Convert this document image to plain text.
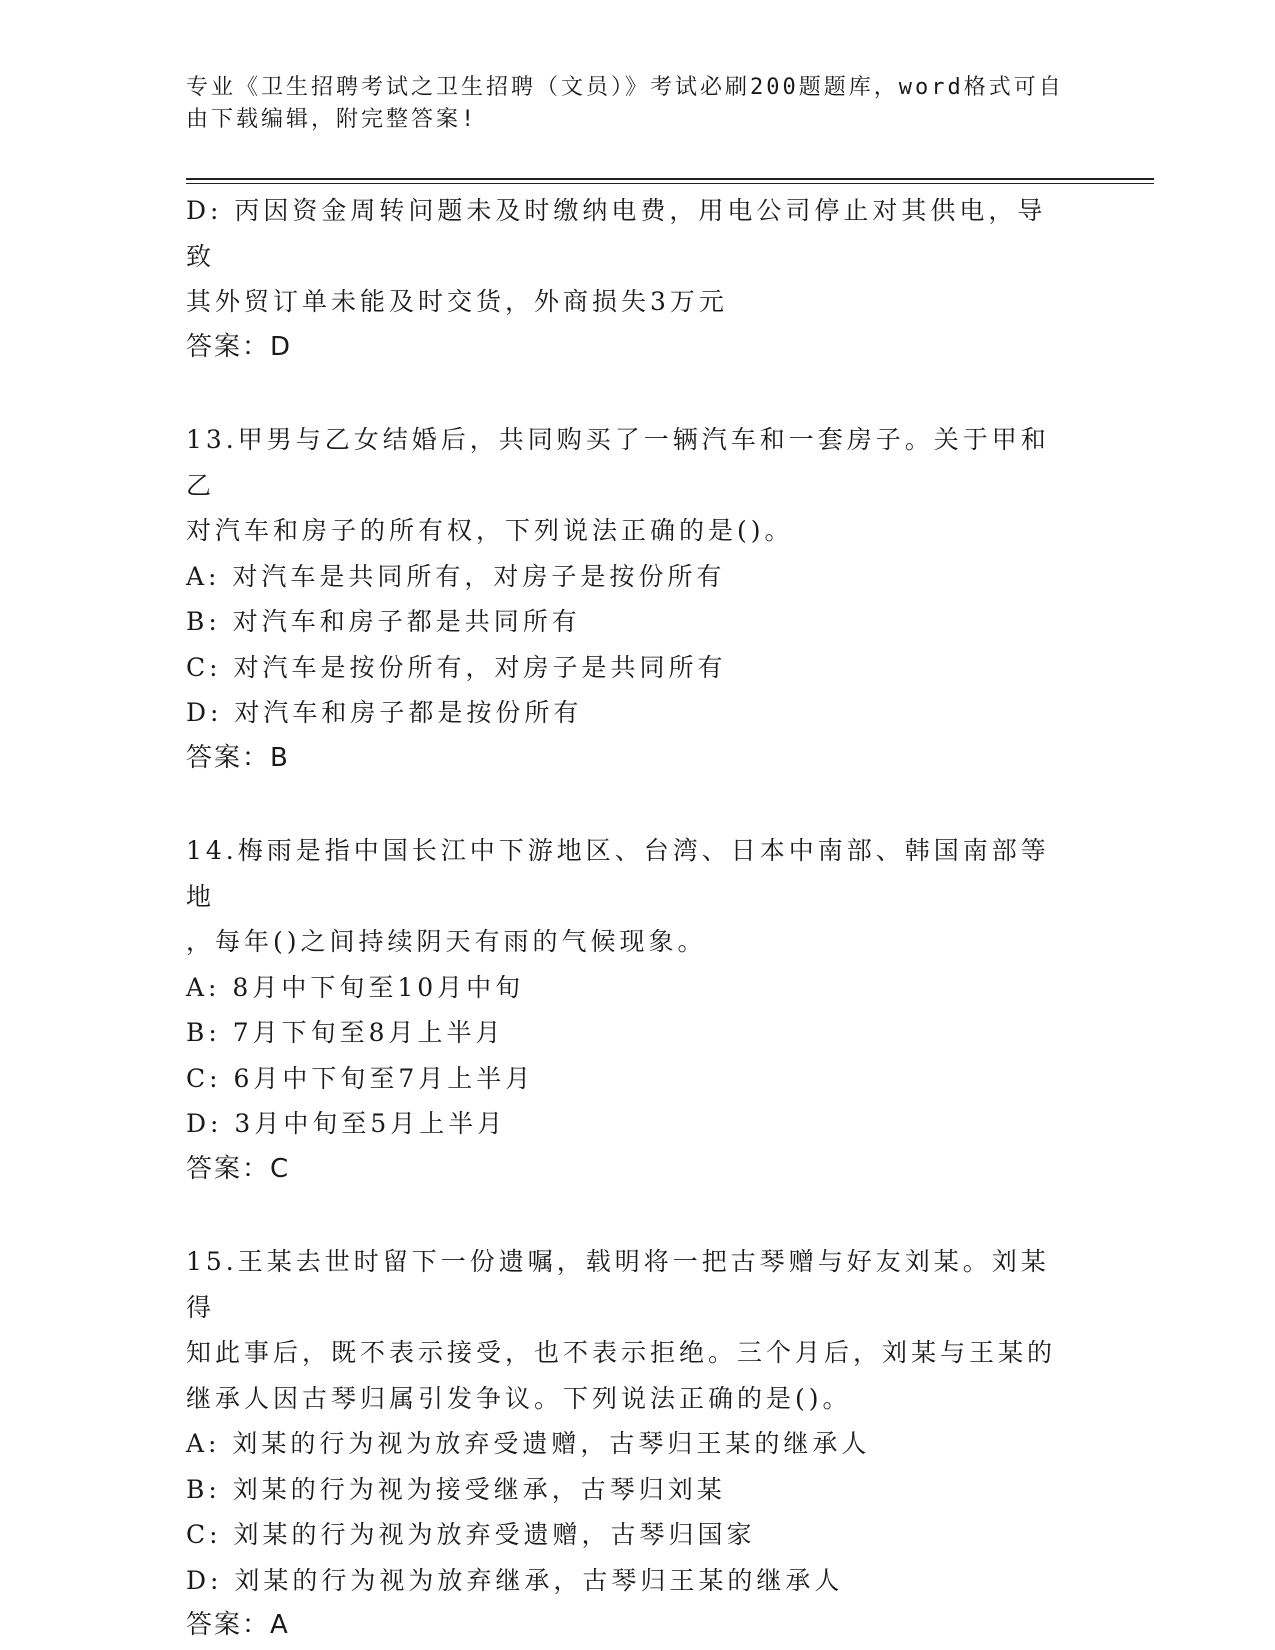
专业《卫生招聘考试之卫生招聘（文员）》考试必刷200题题库，word格式可自
由下载编辑，附完整答案!
D: 丙因资金周转问题未及时缴纳电费，用电公司停止对其供电，导致
其外贸订单未能及时交货，外商损失3万元
答案：D
13.甲男与乙女结婚后，共同购买了一辆汽车和一套房子。关于甲和乙
对汽车和房子的所有权，下列说法正确的是()。
A: 对汽车是共同所有，对房子是按份所有
B: 对汽车和房子都是共同所有
C: 对汽车是按份所有，对房子是共同所有
D: 对汽车和房子都是按份所有
答案：B
14.梅雨是指中国长江中下游地区、台湾、日本中南部、韩国南部等地
，每年()之间持续阴天有雨的气候现象。
A: 8月中下旬至10月中旬
B: 7月下旬至8月上半月
C: 6月中下旬至7月上半月
D: 3月中旬至5月上半月
答案：C
15.王某去世时留下一份遗嘱，载明将一把古琴赠与好友刘某。刘某得
知此事后，既不表示接受，也不表示拒绝。三个月后，刘某与王某的
继承人因古琴归属引发争议。下列说法正确的是()。
A: 刘某的行为视为放弃受遗赠，古琴归王某的继承人
B: 刘某的行为视为接受继承，古琴归刘某
C: 刘某的行为视为放弃受遗赠，古琴归国家
D: 刘某的行为视为放弃继承，古琴归王某的继承人
答案：A
